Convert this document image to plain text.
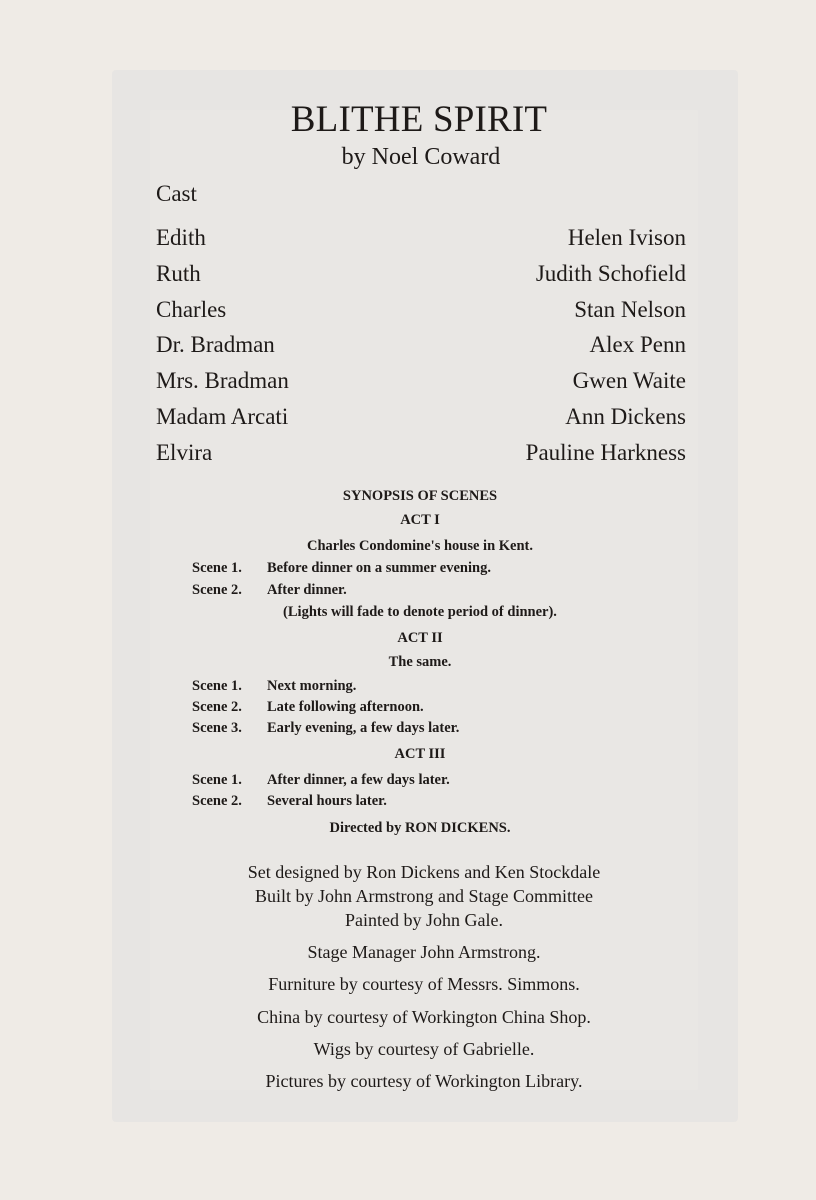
BLITHE SPIRIT
by Noel Coward
Cast
Edith	Helen Ivison
Ruth	Judith Schofield
Charles	Stan Nelson
Dr. Bradman	Alex Penn
Mrs. Bradman	Gwen Waite
Madam Arcati	Ann Dickens
Elvira	Pauline Harkness
SYNOPSIS OF SCENES
ACT I
Charles Condomine's house in Kent.
Scene 1.	Before dinner on a summer evening.
Scene 2.	After dinner.
(Lights will fade to denote period of dinner).
ACT II
The same.
Scene 1.	Next morning.
Scene 2.	Late following afternoon.
Scene 3.	Early evening, a few days later.
ACT III
Scene 1.	After dinner, a few days later.
Scene 2.	Several hours later.
Directed by RON DICKENS.
Set designed by Ron Dickens and Ken Stockdale
Built by John Armstrong and Stage Committee
Painted by John Gale.
Stage Manager John Armstrong.
Furniture by courtesy of Messrs. Simmons.
China by courtesy of Workington China Shop.
Wigs by courtesy of Gabrielle.
Pictures by courtesy of Workington Library.
